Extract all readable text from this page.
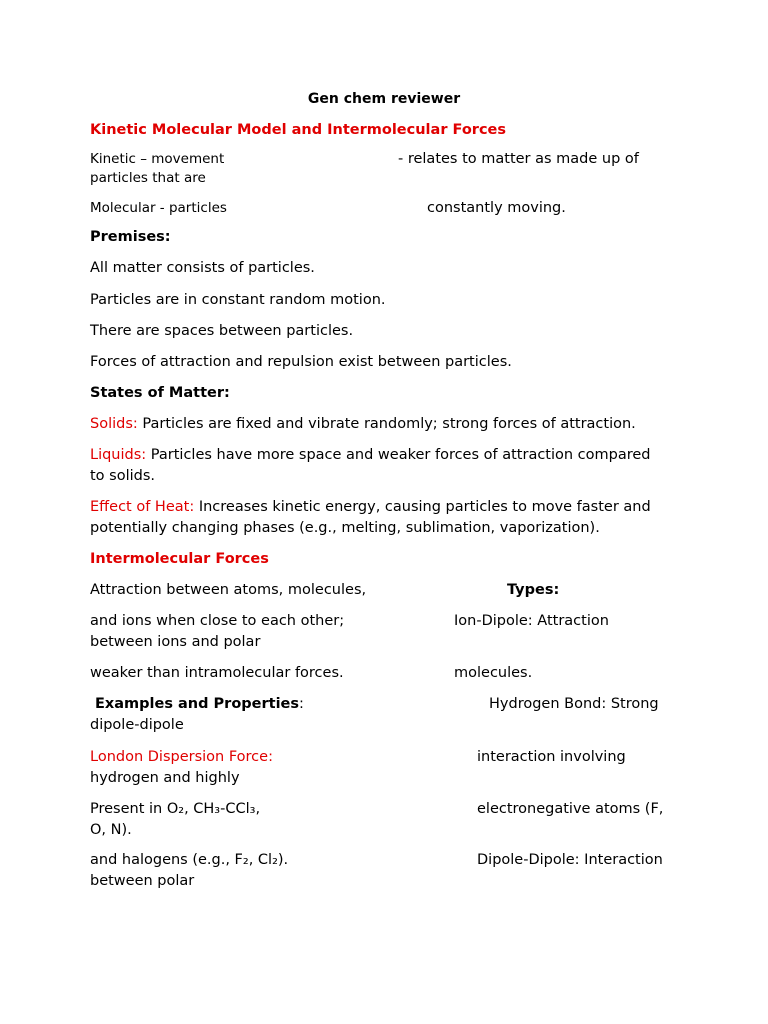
Gen chem reviewer
Kinetic Molecular Model and Intermolecular Forces
Kinetic – movement	- relates to matter as made up of
particles that are
Molecular - particles	constantly moving.
Premises:
All matter consists of particles.
Particles are in constant random motion.
There are spaces between particles.
Forces of attraction and repulsion exist between particles.
States of Matter:
Solids: Particles are fixed and vibrate randomly; strong forces of attraction.
Liquids: Particles have more space and weaker forces of attraction compared
to solids.
Effect of Heat: Increases kinetic energy, causing particles to move faster and
potentially changing phases (e.g., melting, sublimation, vaporization).
Intermolecular Forces
Attraction between atoms, molecules,	Types:
and ions when close to each other;	Ion-Dipole: Attraction
between ions and polar
weaker than intramolecular forces.	molecules.
Examples and Properties:	Hydrogen Bond: Strong
dipole-dipole
London Dispersion Force:	interaction involving
hydrogen and highly
Present in O₂, CH₃-CCl₃,	electronegative atoms (F,
O, N).
and halogens (e.g., F₂, Cl₂).	Dipole-Dipole: Interaction
between polar
